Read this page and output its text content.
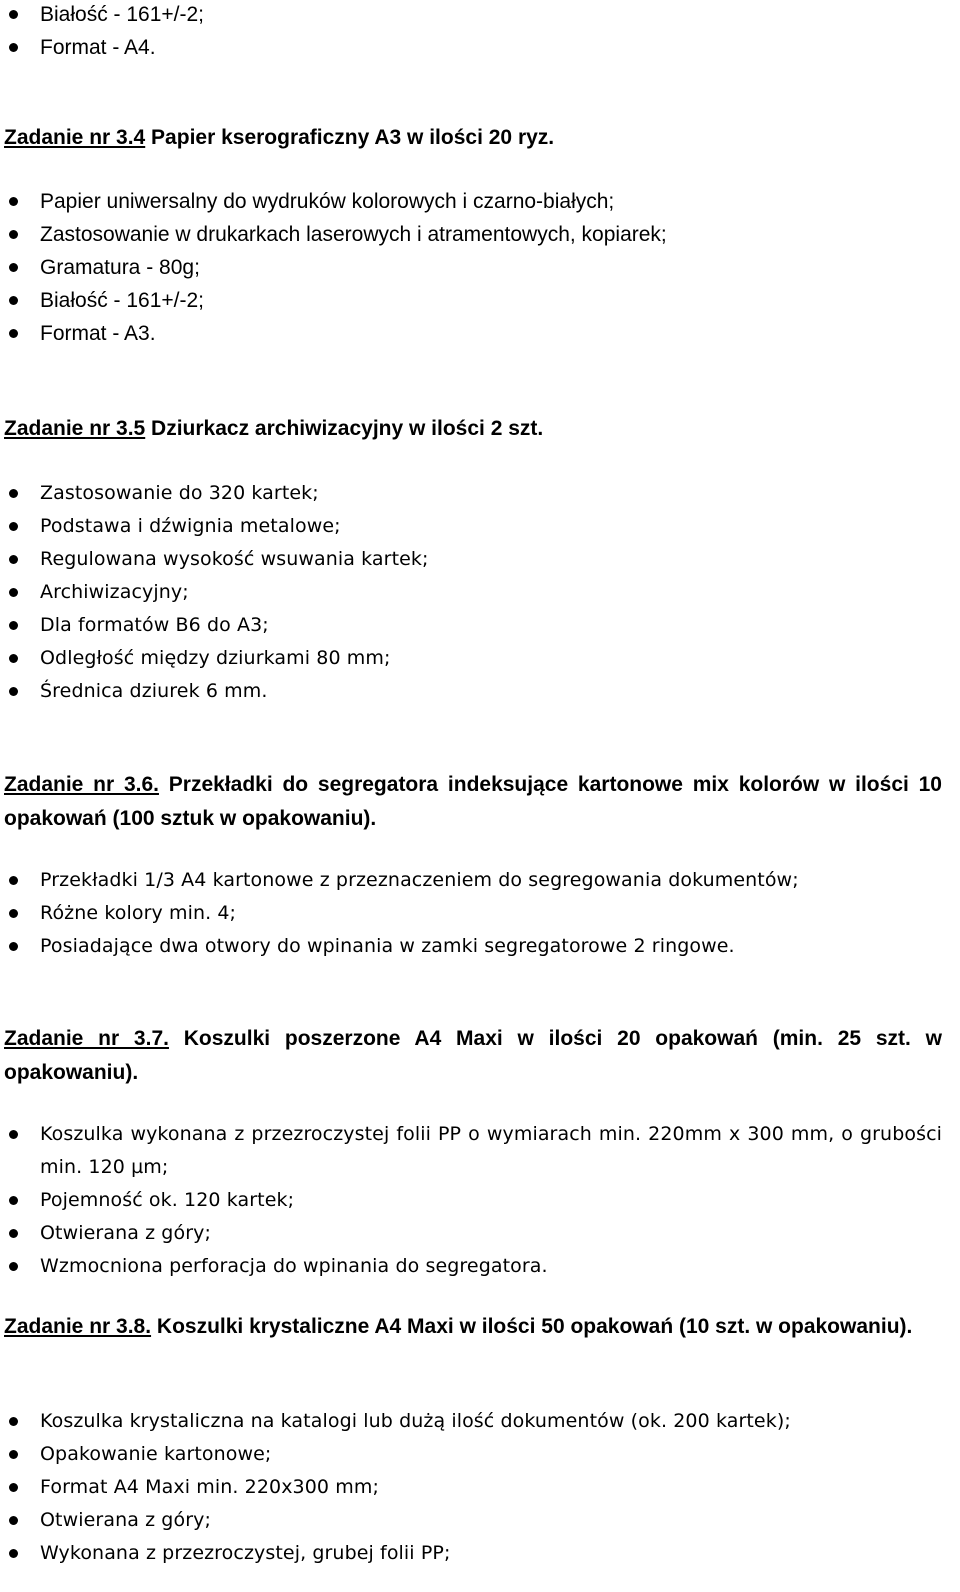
Białość - 161+/-2;
Format - A4.
Zadanie nr 3.4 Papier kserograficzny A3 w ilości 20 ryz.
Papier uniwersalny do wydruków kolorowych i czarno-białych;
Zastosowanie w drukarkach laserowych i atramentowych, kopiarek;
Gramatura - 80g;
Białość - 161+/-2;
Format - A3.
Zadanie nr 3.5 Dziurkacz archiwizacyjny w ilości 2 szt.
Zastosowanie do 320 kartek;
Podstawa i dźwignia metalowe;
Regulowana wysokość wsuwania kartek;
Archiwizacyjny;
Dla formatów B6 do A3;
Odległość między dziurkami 80 mm;
Średnica dziurek 6 mm.
Zadanie nr 3.6. Przekładki do segregatora indeksujące kartonowe mix kolorów w ilości 10 opakowań (100 sztuk w opakowaniu).
Przekładki 1/3 A4 kartonowe z przeznaczeniem do segregowania dokumentów;
Różne kolory min. 4;
Posiadające dwa otwory do wpinania w zamki segregatorowe 2 ringowe.
Zadanie nr 3.7. Koszulki poszerzone A4 Maxi w ilości 20 opakowań (min. 25 szt. w opakowaniu).
Koszulka wykonana z przezroczystej folii PP o wymiarach min. 220mm x 300 mm, o grubości min. 120 µm;
Pojemność ok. 120 kartek;
Otwierana z góry;
Wzmocniona perforacja do wpinania do segregatora.
Zadanie nr 3.8. Koszulki krystaliczne A4 Maxi w ilości 50 opakowań (10 szt. w opakowaniu).
Koszulka krystaliczna na katalogi lub dużą ilość dokumentów (ok. 200 kartek);
Opakowanie kartonowe;
Format A4 Maxi min. 220x300 mm;
Otwierana z góry;
Wykonana z przezroczystej, grubej folii PP;
